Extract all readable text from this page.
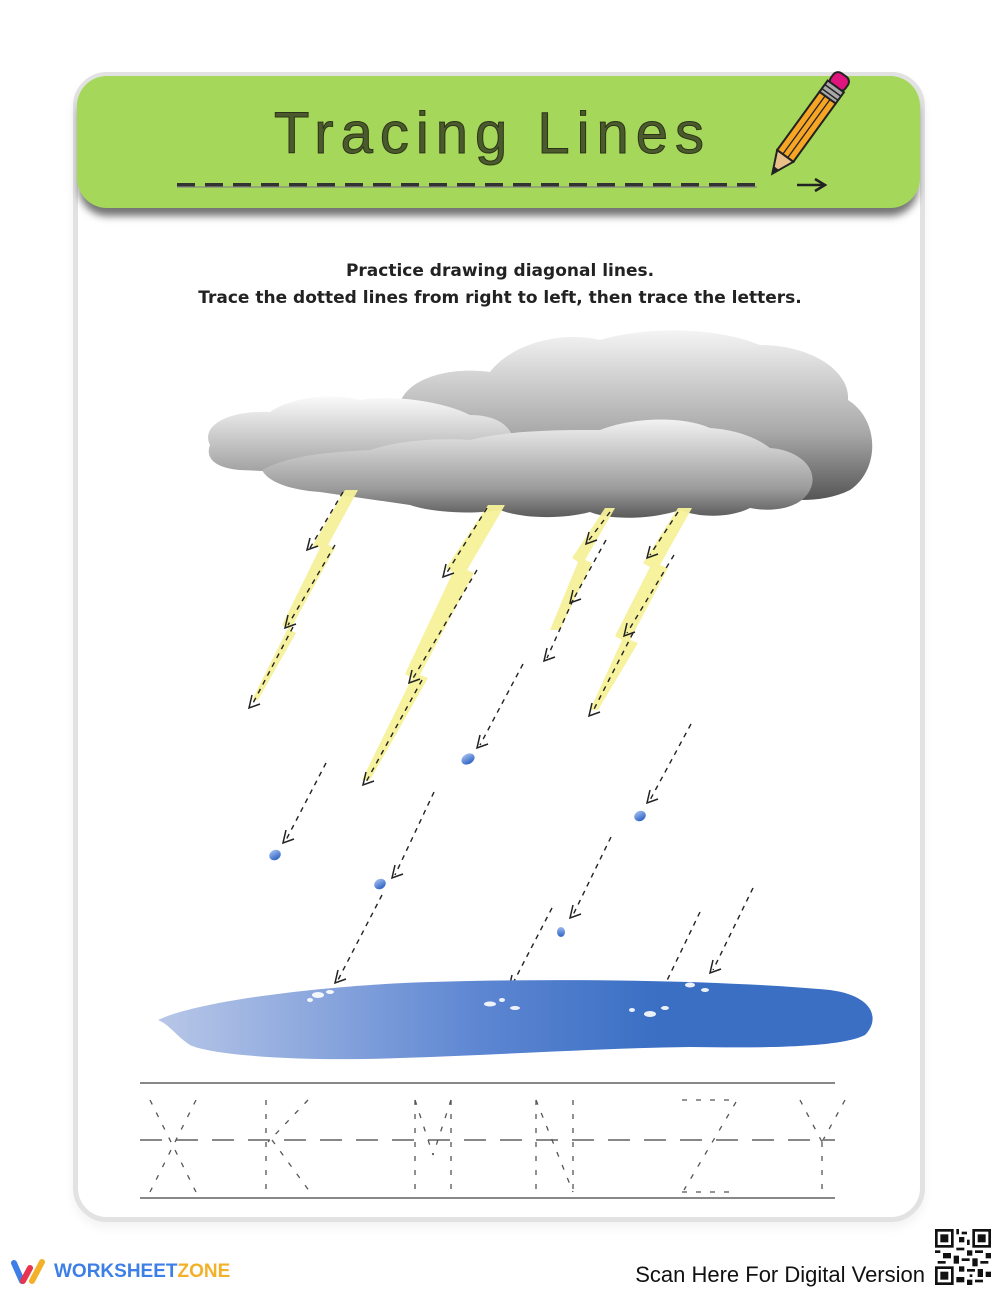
Tracing Lines
Practice drawing diagonal lines.
Trace the dotted lines from right to left, then trace the letters.
WORKSHEETZONE	Scan Here For Digital Version
